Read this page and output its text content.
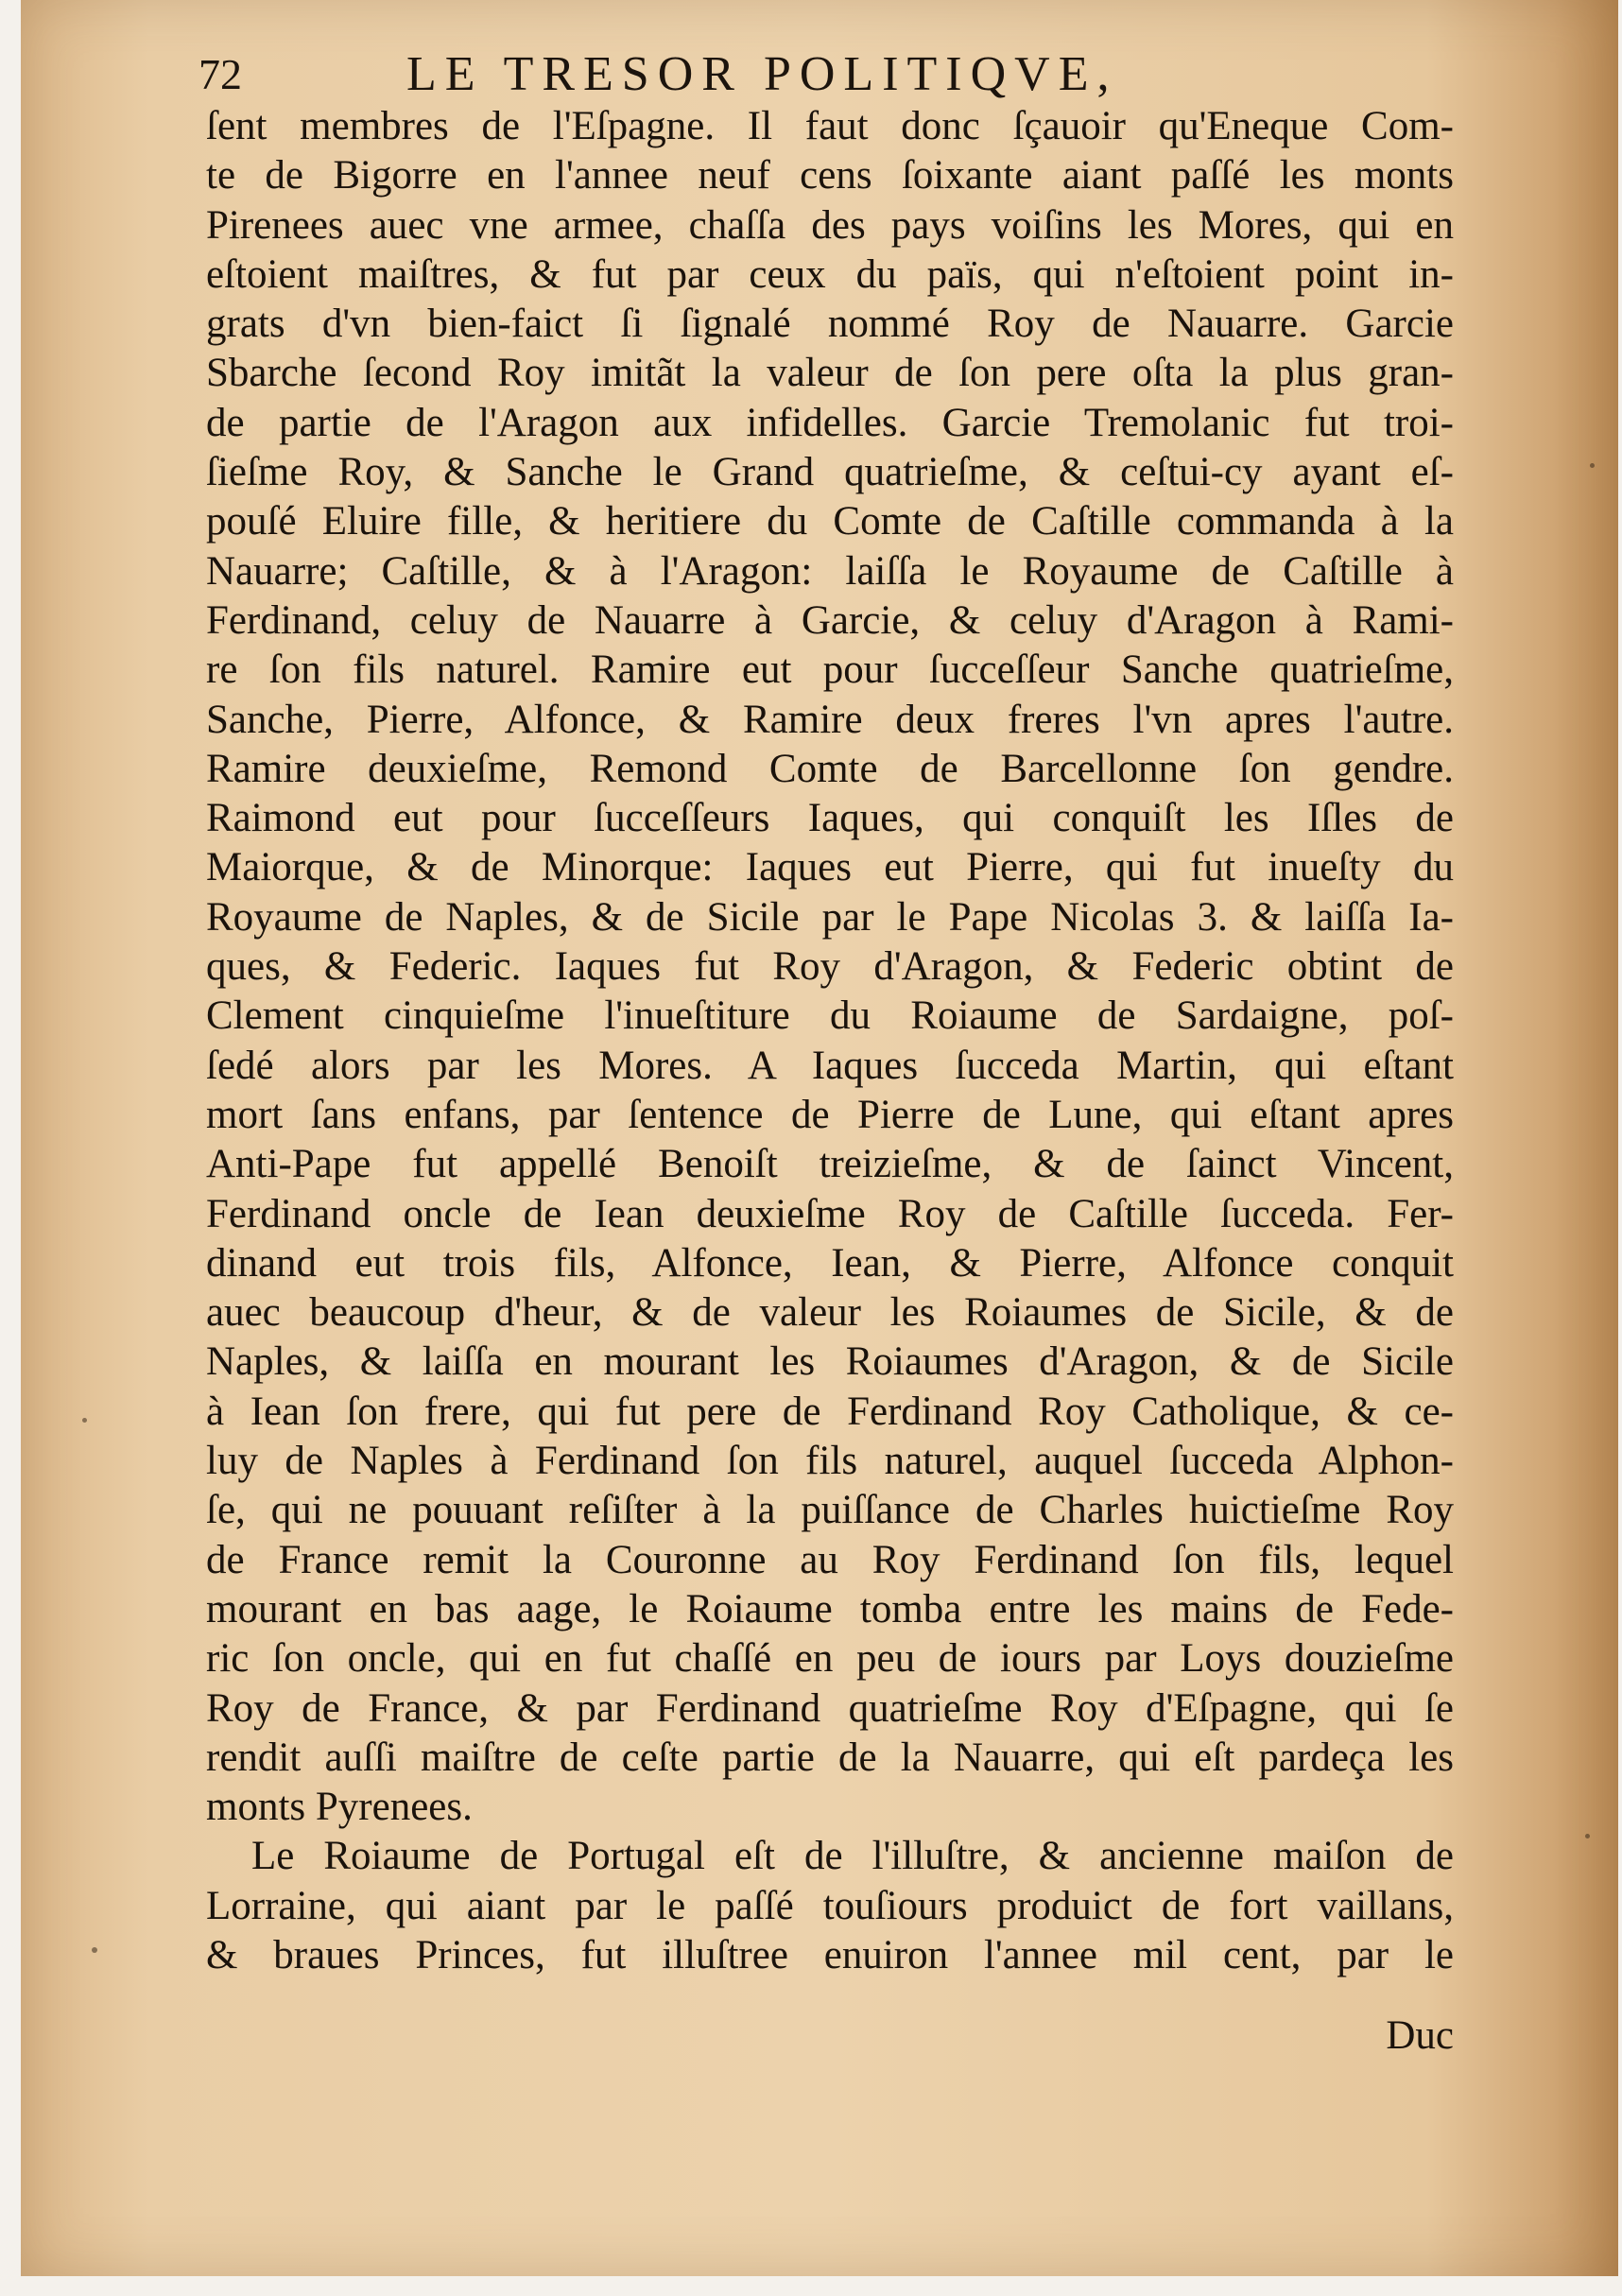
72	LE TRESOR POLITIQVE,
ſent membres de l'Eſpagne. Il faut donc ſçauoir qu'Eneque Com-
te de Bigorre en l'annee neuf cens ſoixante aiant paſſé les monts
Pirenees auec vne armee, chaſſa des pays voiſins les Mores, qui en
eſtoient maiſtres, & fut par ceux du païs, qui n'eſtoient point in-
grats d'vn bien-faict ſi ſignalé nommé Roy de Nauarre. Garcie
Sbarche ſecond Roy imitãt la valeur de ſon pere oſta la plus gran-
de partie de l'Aragon aux infidelles. Garcie Tremolanic fut troi-
ſieſme Roy, & Sanche le Grand quatrieſme, & ceſtui-cy ayant eſ-
pouſé Eluire fille, & heritiere du Comte de Caſtille commanda à la
Nauarre; Caſtille, & à l'Aragon: laiſſa le Royaume de Caſtille à
Ferdinand, celuy de Nauarre à Garcie, & celuy d'Aragon à Rami-
re ſon fils naturel. Ramire eut pour ſucceſſeur Sanche quatrieſme,
Sanche, Pierre, Alfonce, & Ramire deux freres l'vn apres l'autre.
Ramire deuxieſme, Remond Comte de Barcellonne ſon gendre.
Raimond eut pour ſucceſſeurs Iaques, qui conquiſt les Iſles de
Maiorque, & de Minorque: Iaques eut Pierre, qui fut inueſty du
Royaume de Naples, & de Sicile par le Pape Nicolas 3. & laiſſa Ia-
ques, & Federic. Iaques fut Roy d'Aragon, & Federic obtint de
Clement cinquieſme l'inueſtiture du Roiaume de Sardaigne, poſ-
ſedé alors par les Mores. A Iaques ſucceda Martin, qui eſtant
mort ſans enfans, par ſentence de Pierre de Lune, qui eſtant apres
Anti-Pape fut appellé Benoiſt treizieſme, & de ſainct Vincent,
Ferdinand oncle de Iean deuxieſme Roy de Caſtille ſucceda. Fer-
dinand eut trois fils, Alfonce, Iean, & Pierre, Alfonce conquit
auec beaucoup d'heur, & de valeur les Roiaumes de Sicile, & de
Naples, & laiſſa en mourant les Roiaumes d'Aragon, & de Sicile
à Iean ſon frere, qui fut pere de Ferdinand Roy Catholique, & ce-
luy de Naples à Ferdinand ſon fils naturel, auquel ſucceda Alphon-
ſe, qui ne pouuant reſiſter à la puiſſance de Charles huictieſme Roy
de France remit la Couronne au Roy Ferdinand ſon fils, lequel
mourant en bas aage, le Roiaume tomba entre les mains de Fede-
ric ſon oncle, qui en fut chaſſé en peu de iours par Loys douzieſme
Roy de France, & par Ferdinand quatrieſme Roy d'Eſpagne, qui ſe
rendit auſſi maiſtre de ceſte partie de la Nauarre, qui eſt pardeça les
monts Pyrenees.
Le Roiaume de Portugal eſt de l'illuſtre, & ancienne maiſon de
Lorraine, qui aiant par le paſſé touſiours produict de fort vaillans,
& braues Princes, fut illuſtree enuiron l'annee mil cent, par le
Duc
